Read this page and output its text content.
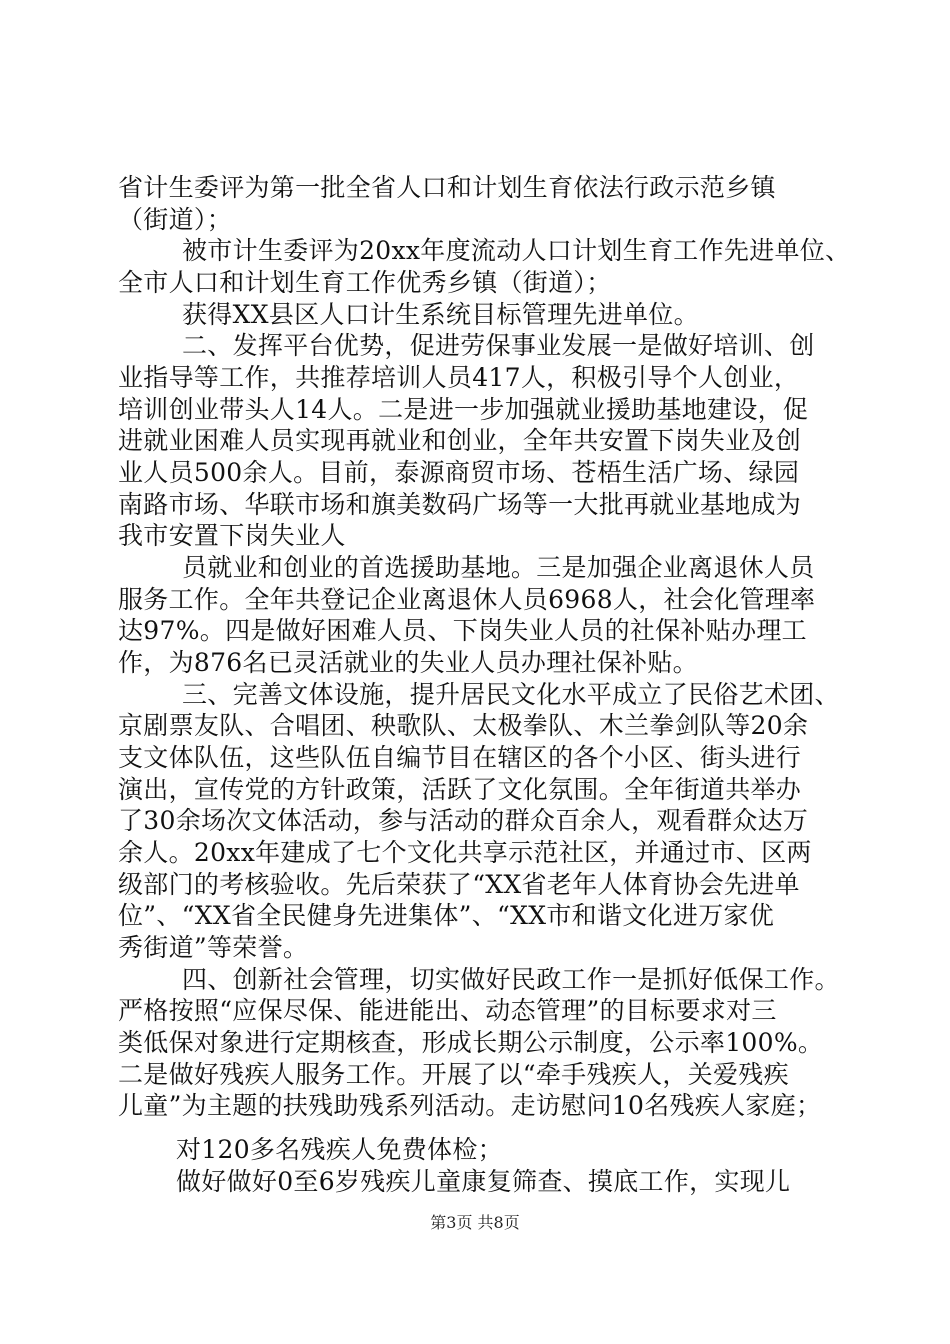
省计生委评为第一批全省人口和计划生育依法行政示范乡镇
（街道）；
被市计生委评为20xx年度流动人口计划生育工作先进单位、
全市人口和计划生育工作优秀乡镇（街道）；
获得XX县区人口计生系统目标管理先进单位。
二、发挥平台优势，促进劳保事业发展一是做好培训、创
业指导等工作，共推荐培训人员417人，积极引导个人创业，
培训创业带头人14人。二是进一步加强就业援助基地建设，促
进就业困难人员实现再就业和创业，全年共安置下岗失业及创
业人员500余人。目前，泰源商贸市场、苍梧生活广场、绿园
南路市场、华联市场和旗美数码广场等一大批再就业基地成为
我市安置下岗失业人
员就业和创业的首选援助基地。三是加强企业离退休人员
服务工作。全年共登记企业离退休人员6968人，社会化管理率
达97%。四是做好困难人员、下岗失业人员的社保补贴办理工
作，为876名已灵活就业的失业人员办理社保补贴。
三、完善文体设施，提升居民文化水平成立了民俗艺术团、
京剧票友队、合唱团、秧歌队、太极拳队、木兰拳剑队等20余
支文体队伍，这些队伍自编节目在辖区的各个小区、街头进行
演出，宣传党的方针政策，活跃了文化氛围。全年街道共举办
了30余场次文体活动，参与活动的群众百余人，观看群众达万
余人。20xx年建成了七个文化共享示范社区，并通过市、区两
级部门的考核验收。先后荣获了“XX省老年人体育协会先进单
位”、“XX省全民健身先进集体”、“XX市和谐文化进万家优
秀街道”等荣誉。
四、创新社会管理，切实做好民政工作一是抓好低保工作。
严格按照“应保尽保、能进能出、动态管理”的目标要求对三
类低保对象进行定期核查，形成长期公示制度，公示率100%。
二是做好残疾人服务工作。开展了以“牵手残疾人，关爱残疾
儿童”为主题的扶残助残系列活动。走访慰问10名残疾人家庭；
对120多名残疾人免费体检；
做好做好0至6岁残疾儿童康复筛查、摸底工作，实现儿
第3页 共8页
